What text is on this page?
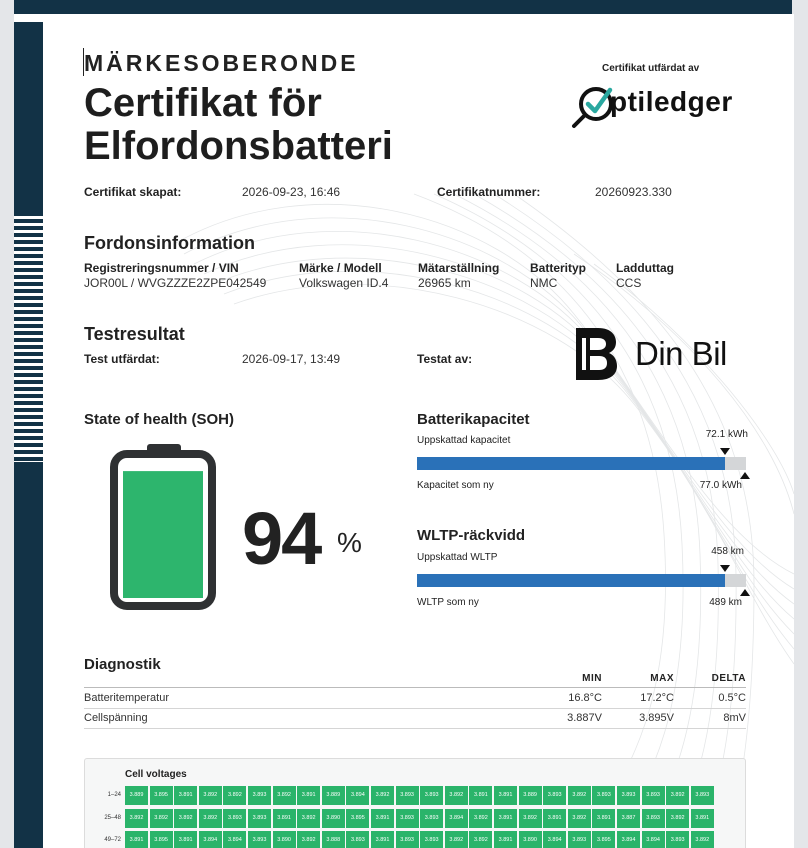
MÄRKESOBERONDE
Certifikat för
Elfordonsbatteri
Certifikat utfärdat av
ptiledger
Certifikat skapat:	2026-09-23, 16:46	Certifikatnummer:	20260923.330
Fordonsinformation
Registreringsnummer / VIN
JOR00L / WVGZZZE2ZPE042549
Märke / Modell
Volkswagen ID.4
Mätarställning
26965 km
Batterityp
NMC
Ladduttag
CCS
Testresultat
Test utfärdat:	2026-09-17, 13:49	Testat av:	Din Bil
State of health (SOH)
94 %
Batterikapacitet
Uppskattad kapacitet
72.1 kWh
Kapacitet som ny	77.0 kWh
WLTP-räckvidd
Uppskattad WLTP
458 km
WLTP som ny	489 km
Diagnostik
MIN	MAX	DELTA
Batteritemperatur	16.8°C	17.2°C	0.5°C
Cellspänning	3.887V	3.895V	8mV
Cell voltages
1–24	3.889	3.895	3.891	3.892	3.892	3.893	3.892	3.891	3.889	3.894	3.892	3.893	3.893	3.892	3.891	3.891	3.889	3.893	3.892	3.893	3.893	3.893	3.892	3.893
25–48	3.892	3.892	3.892	3.892	3.893	3.893	3.891	3.892	3.890	3.895	3.891	3.893	3.893	3.894	3.892	3.891	3.892	3.891	3.892	3.891	3.887	3.893	3.892	3.891
49–72	3.891	3.895	3.891	3.894	3.894	3.893	3.890	3.892	3.888	3.893	3.891	3.893	3.893	3.892	3.892	3.891	3.890	3.894	3.893	3.895	3.894	3.894	3.893	3.892
